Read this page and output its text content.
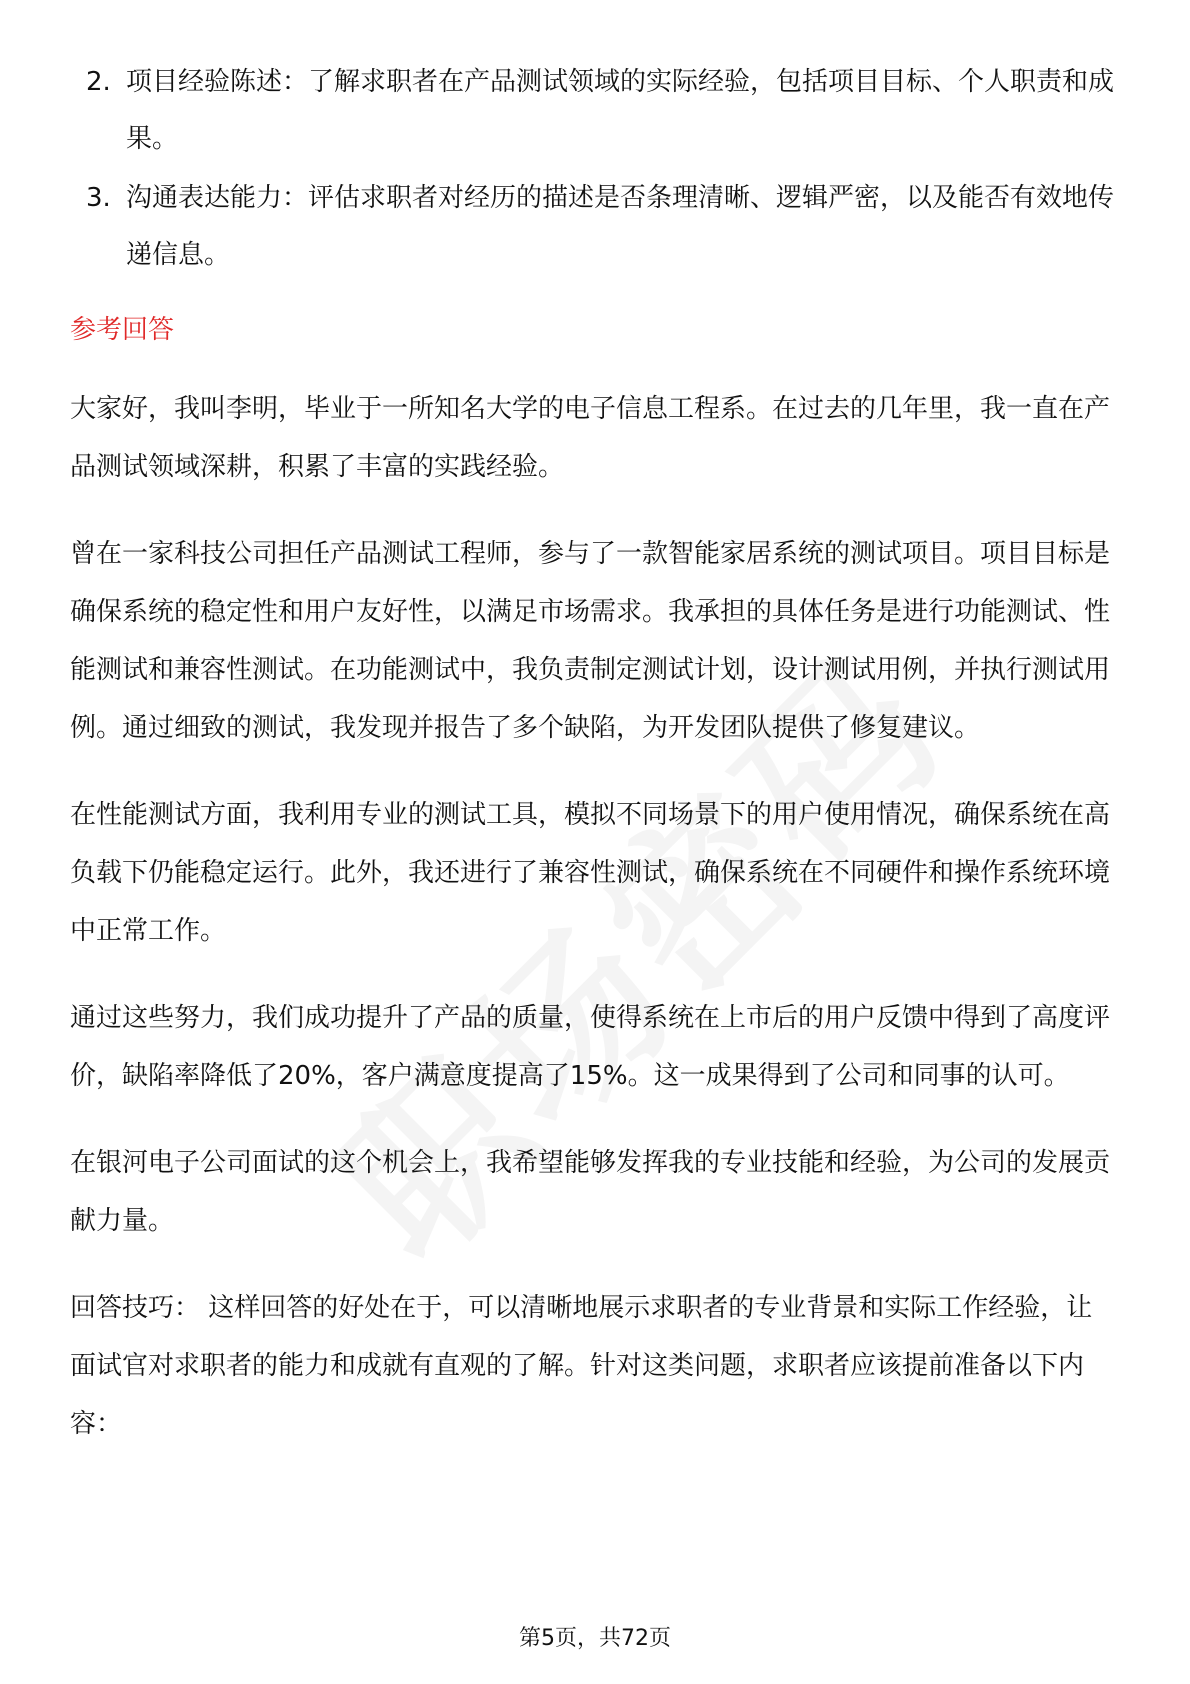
2. 项目经验陈述：了解求职者在产品测试领域的实际经验，包括项目目标、个人职责和成果。
3. 沟通表达能力：评估求职者对经历的描述是否条理清晰、逻辑严密，以及能否有效地传递信息。
参考回答

大家好，我叫李明，毕业于一所知名大学的电子信息工程系。在过去的几年里，我一直在产品测试领域深耕，积累了丰富的实践经验。

曾在一家科技公司担任产品测试工程师，参与了一款智能家居系统的测试项目。项目目标是确保系统的稳定性和用户友好性，以满足市场需求。我承担的具体任务是进行功能测试、性能测试和兼容性测试。在功能测试中，我负责制定测试计划，设计测试用例，并执行测试用例。通过细致的测试，我发现并报告了多个缺陷，为开发团队提供了修复建议。

在性能测试方面，我利用专业的测试工具，模拟不同场景下的用户使用情况，确保系统在高负载下仍能稳定运行。此外，我还进行了兼容性测试，确保系统在不同硬件和操作系统环境中正常工作。

通过这些努力，我们成功提升了产品的质量，使得系统在上市后的用户反馈中得到了高度评价，缺陷率降低了20%，客户满意度提高了15%。这一成果得到了公司和同事的认可。

在银河电子公司面试的这个机会上，我希望能够发挥我的专业技能和经验，为公司的发展贡献力量。

回答技巧： 这样回答的好处在于，可以清晰地展示求职者的专业背景和实际工作经验，让面试官对求职者的能力和成就有直观的了解。针对这类问题，求职者应该提前准备以下内容：

第5页，共72页
